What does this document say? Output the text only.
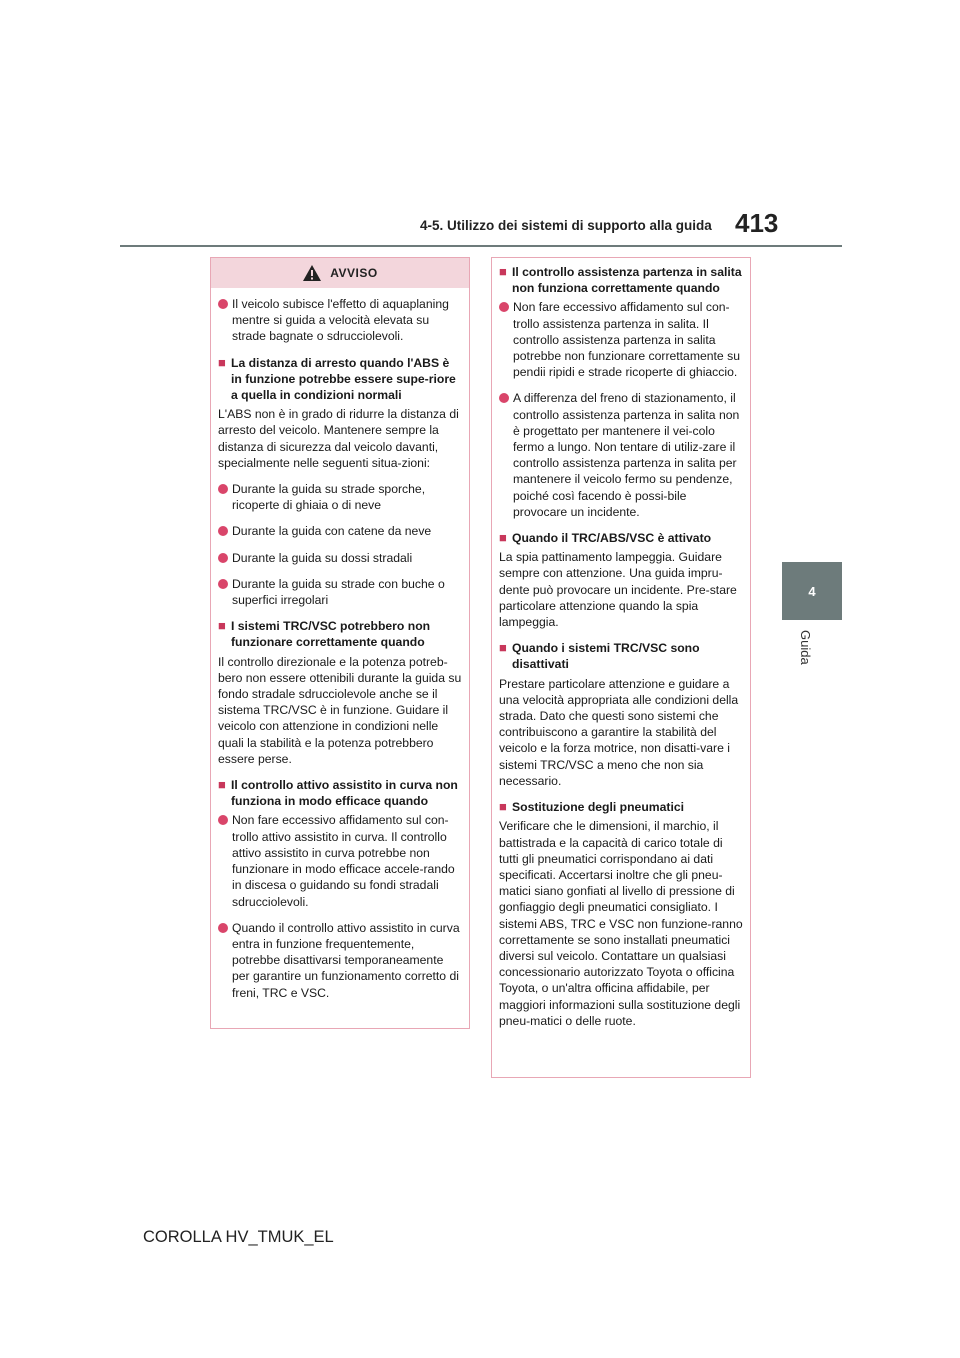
4-5. Utilizzo dei sistemi di supporto alla guida 413
4
Guida
AVVISO
Il veicolo subisce l'effetto di aquaplaning mentre si guida a velocità elevata su strade bagnate o sdrucciolevoli.
■ La distanza di arresto quando l'ABS è in funzione potrebbe essere supe-riore a quella in condizioni normali
L'ABS non è in grado di ridurre la distanza di arresto del veicolo. Mantenere sempre la distanza di sicurezza dal veicolo davanti, specialmente nelle seguenti situa-zioni:
Durante la guida su strade sporche, ricoperte di ghiaia o di neve
Durante la guida con catene da neve
Durante la guida su dossi stradali
Durante la guida su strade con buche o superfici irregolari
■ I sistemi TRC/VSC potrebbero non funzionare correttamente quando
Il controllo direzionale e la potenza potreb-bero non essere ottenibili durante la guida su fondo stradale sdrucciolevole anche se il sistema TRC/VSC è in funzione. Guidare il veicolo con attenzione in condizioni nelle quali la stabilità e la potenza potrebbero essere perse.
■ Il controllo attivo assistito in curva non funziona in modo efficace quando
Non fare eccessivo affidamento sul con-trollo attivo assistito in curva. Il controllo attivo assistito in curva potrebbe non funzionare in modo efficace accele-rando in discesa o guidando su fondi stradali sdrucciolevoli.
Quando il controllo attivo assistito in curva entra in funzione frequentemente, potrebbe disattivarsi temporaneamente per garantire un funzionamento corretto di freni, TRC e VSC.
■ Il controllo assistenza partenza in salita non funziona correttamente quando
Non fare eccessivo affidamento sul con-trollo assistenza partenza in salita. Il controllo assistenza partenza in salita potrebbe non funzionare correttamente su pendii ripidi e strade ricoperte di ghiaccio.
A differenza del freno di stazionamento, il controllo assistenza partenza in salita non è progettato per mantenere il vei-colo fermo a lungo. Non tentare di utiliz-zare il controllo assistenza partenza in salita per mantenere il veicolo fermo su pendenze, poiché così facendo è possi-bile provocare un incidente.
■ Quando il TRC/ABS/VSC è attivato
La spia pattinamento lampeggia. Guidare sempre con attenzione. Una guida impru-dente può provocare un incidente. Pre-stare particolare attenzione quando la spia lampeggia.
■ Quando i sistemi TRC/VSC sono disattivati
Prestare particolare attenzione e guidare a una velocità appropriata alle condizioni della strada. Dato che questi sono sistemi che contribuiscono a garantire la stabilità del veicolo e la forza motrice, non disatti-vare i sistemi TRC/VSC a meno che non sia necessario.
■ Sostituzione degli pneumatici
Verificare che le dimensioni, il marchio, il battistrada e la capacità di carico totale di tutti gli pneumatici corrispondano ai dati specificati. Accertarsi inoltre che gli pneu-matici siano gonfiati al livello di pressione di gonfiaggio degli pneumatici consigliato. I sistemi ABS, TRC e VSC non funzione-ranno correttamente se sono installati pneumatici diversi sul veicolo. Contattare un qualsiasi concessionario autorizzato Toyota o officina Toyota, o un'altra officina affidabile, per maggiori informazioni sulla sostituzione degli pneu-matici o delle ruote.
COROLLA HV_TMUK_EL
